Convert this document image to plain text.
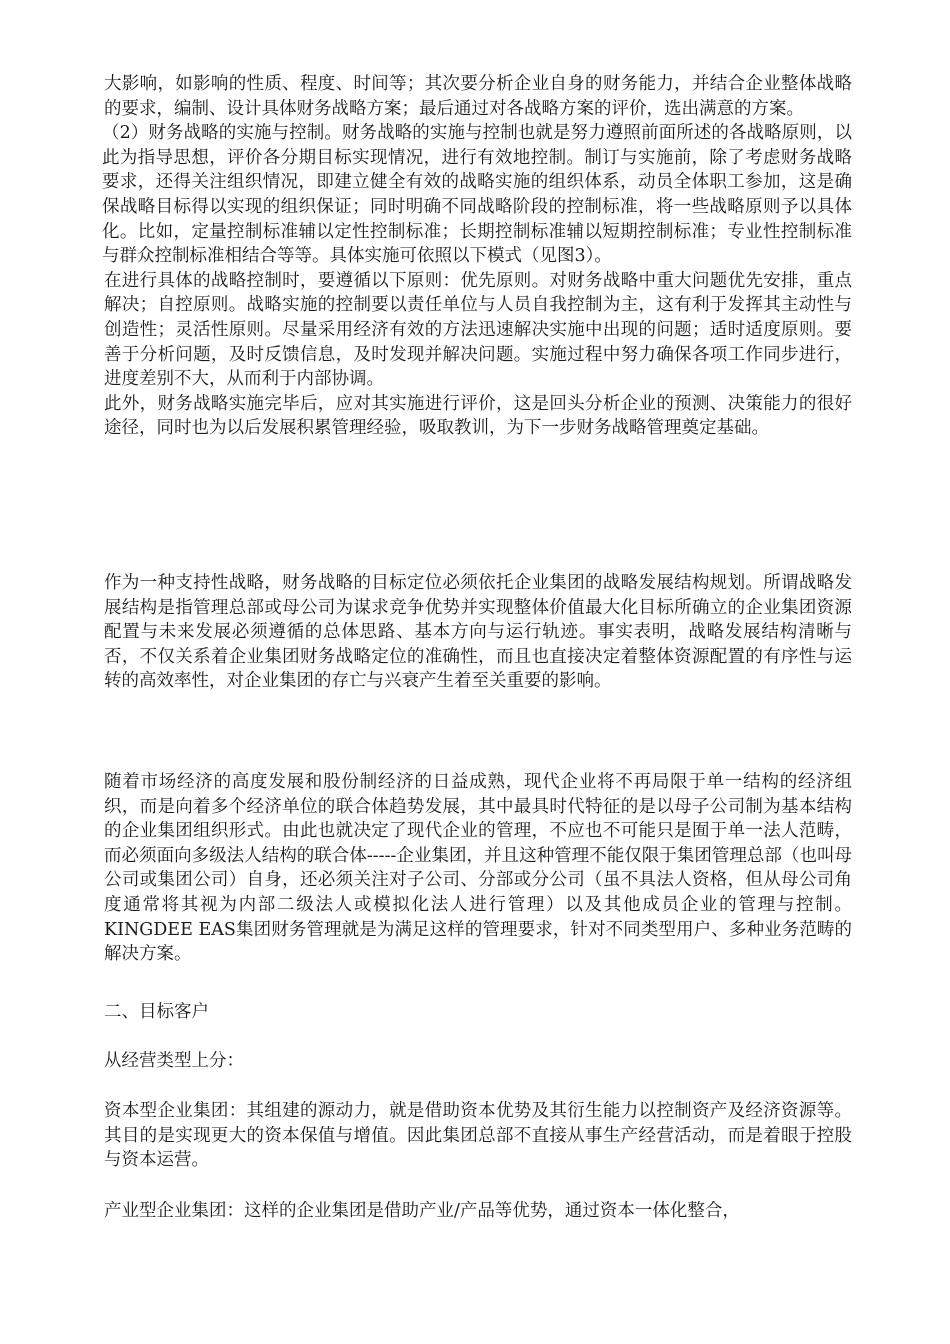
大影响，如影响的性质、程度、时间等；其次要分析企业自身的财务能力，并结合企业整体战略的要求，编制、设计具体财务战略方案；最后通过对各战略方案的评价，选出满意的方案。

（2）财务战略的实施与控制。财务战略的实施与控制也就是努力遵照前面所述的各战略原则，以此为指导思想，评价各分期目标实现情况，进行有效地控制。制订与实施前，除了考虑财务战略要求，还得关注组织情况，即建立健全有效的战略实施的组织体系，动员全体职工参加，这是确保战略目标得以实现的组织保证；同时明确不同战略阶段的控制标准，将一些战略原则予以具体化。比如，定量控制标准辅以定性控制标准；长期控制标准辅以短期控制标准；专业性控制标准与群众控制标准相结合等等。具体实施可依照以下模式（见图3）。

在进行具体的战略控制时，要遵循以下原则：优先原则。对财务战略中重大问题优先安排，重点解决；自控原则。战略实施的控制要以责任单位与人员自我控制为主，这有利于发挥其主动性与创造性；灵活性原则。尽量采用经济有效的方法迅速解决实施中出现的问题；适时适度原则。要善于分析问题，及时反馈信息，及时发现并解决问题。实施过程中努力确保各项工作同步进行，进度差别不大，从而利于内部协调。

此外，财务战略实施完毕后，应对其实施进行评价，这是回头分析企业的预测、决策能力的很好途径，同时也为以后发展积累管理经验，吸取教训，为下一步财务战略管理奠定基础。

作为一种支持性战略，财务战略的目标定位必须依托企业集团的战略发展结构规划。所谓战略发展结构是指管理总部或母公司为谋求竞争优势并实现整体价值最大化目标所确立的企业集团资源配置与未来发展必须遵循的总体思路、基本方向与运行轨迹。事实表明，战略发展结构清晰与否，不仅关系着企业集团财务战略定位的准确性，而且也直接决定着整体资源配置的有序性与运转的高效率性，对企业集团的存亡与兴衰产生着至关重要的影响。

随着市场经济的高度发展和股份制经济的日益成熟，现代企业将不再局限于单一结构的经济组织，而是向着多个经济单位的联合体趋势发展，其中最具时代特征的是以母子公司制为基本结构的企业集团组织形式。由此也就决定了现代企业的管理，不应也不可能只是囿于单一法人范畴，而必须面向多级法人结构的联合体-----企业集团，并且这种管理不能仅限于集团管理总部（也叫母公司或集团公司）自身，还必须关注对子公司、分部或分公司（虽不具法人资格，但从母公司角度通常将其视为内部二级法人或模拟化法人进行管理）以及其他成员企业的管理与控制。KINGDEE EAS集团财务管理就是为满足这样的管理要求，针对不同类型用户、多种业务范畴的解决方案。

二、目标客户

从经营类型上分：

资本型企业集团：其组建的源动力，就是借助资本优势及其衍生能力以控制资产及经济资源等。其目的是实现更大的资本保值与增值。因此集团总部不直接从事生产经营活动，而是着眼于控股与资本运营。

产业型企业集团：这样的企业集团是借助产业/产品等优势，通过资本一体化整合，
